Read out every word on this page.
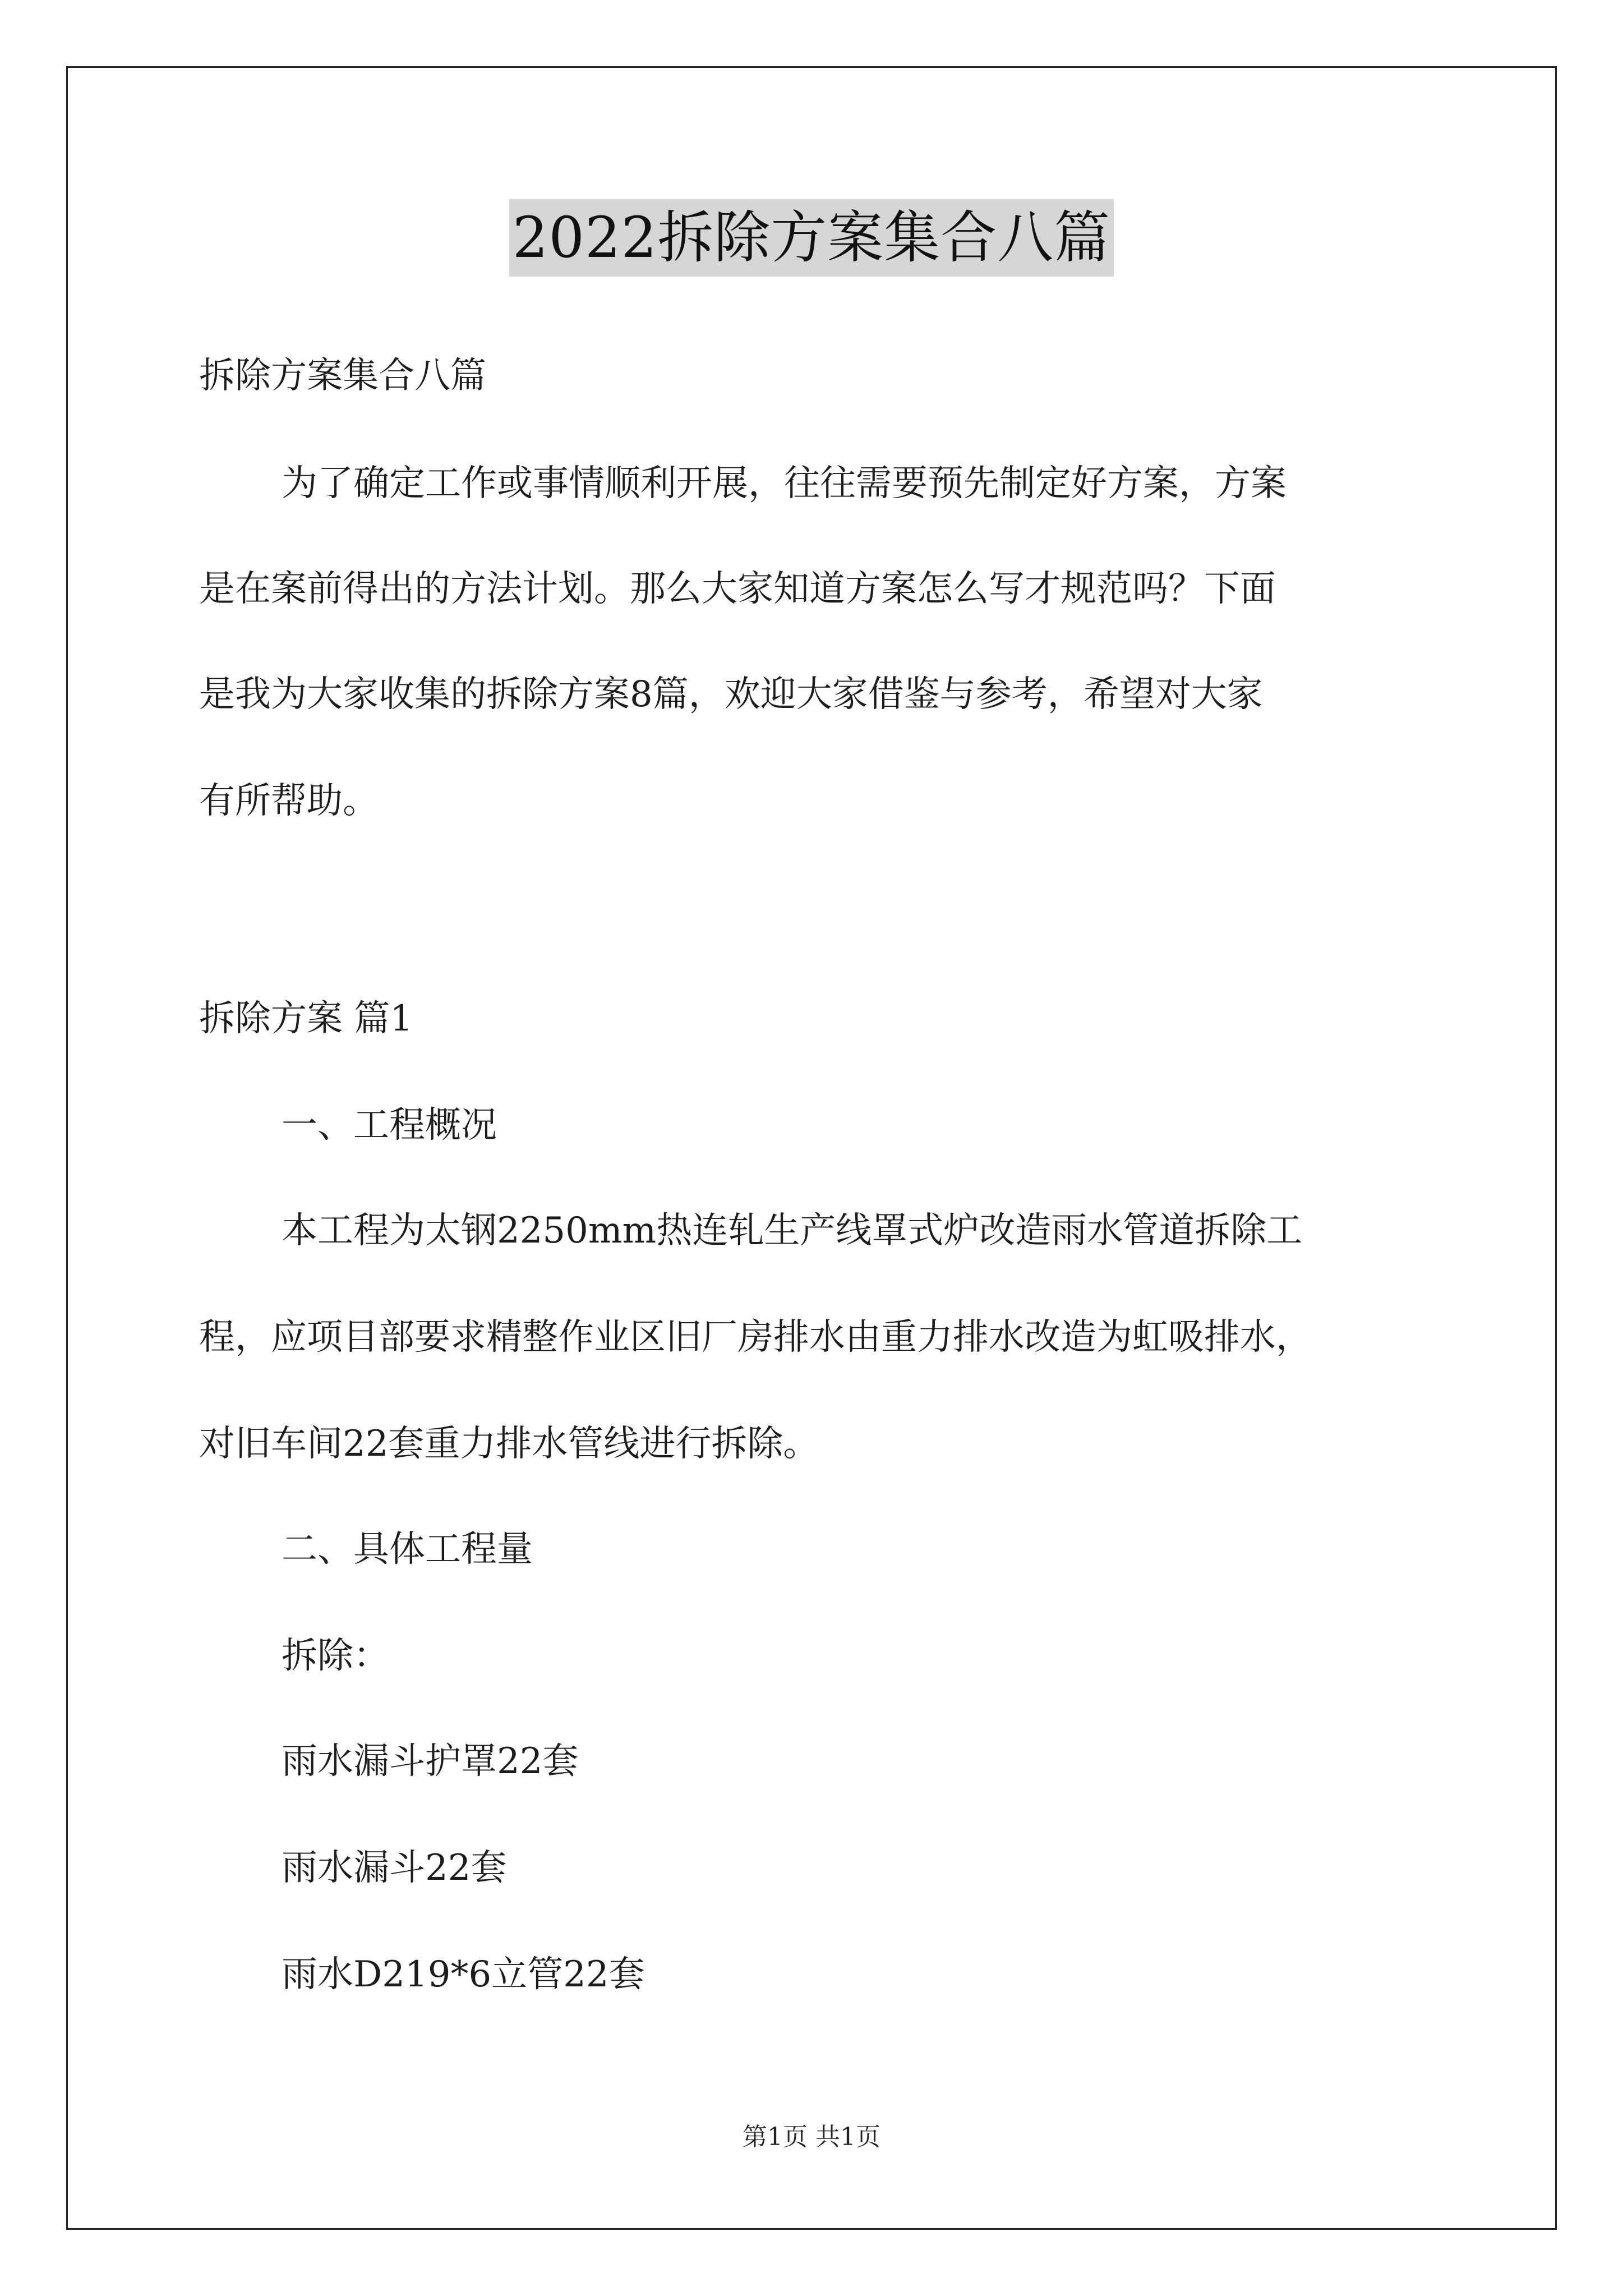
2022拆除方案集合八篇
拆除方案集合八篇
为了确定工作或事情顺利开展，往往需要预先制定好方案，方案
是在案前得出的方法计划。那么大家知道方案怎么写才规范吗？下面
是我为大家收集的拆除方案8篇，欢迎大家借鉴与参考，希望对大家
有所帮助。
拆除方案 篇1
一、工程概况
本工程为太钢2250mm热连轧生产线罩式炉改造雨水管道拆除工
程，应项目部要求精整作业区旧厂房排水由重力排水改造为虹吸排水，
对旧车间22套重力排水管线进行拆除。
二、具体工程量
拆除：
雨水漏斗护罩22套
雨水漏斗22套
雨水D219*6立管22套
第1页 共1页
